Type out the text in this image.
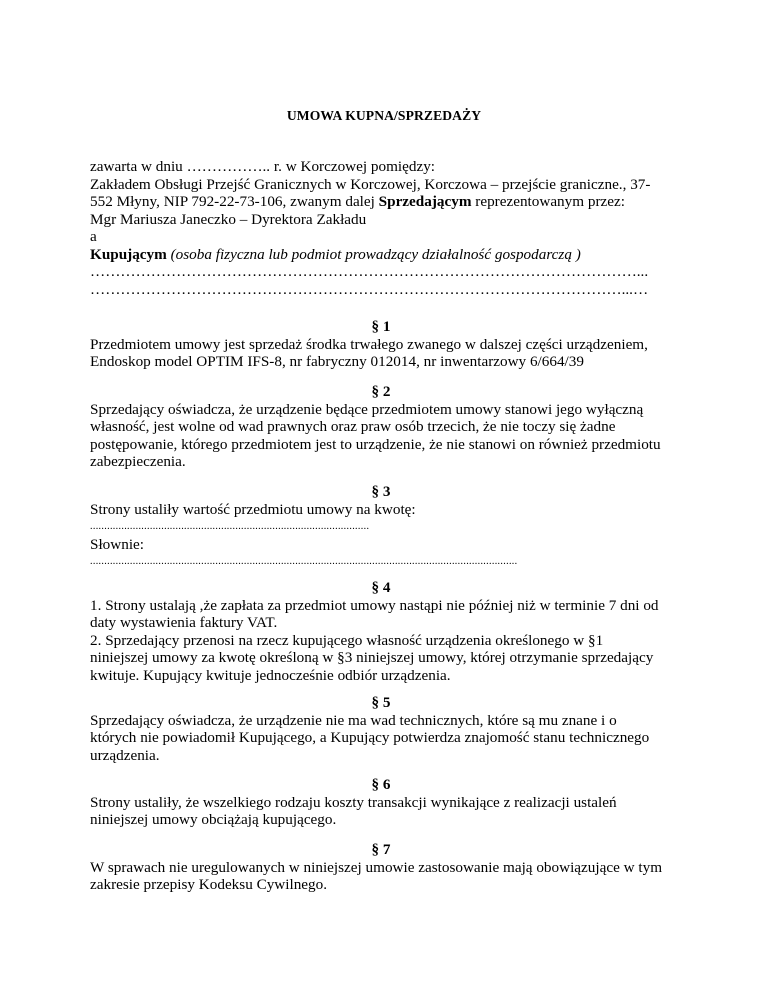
UMOWA KUPNA/SPRZEDAŻY
zawarta w dniu …………….. r. w Korczowej pomiędzy:
Zakładem Obsługi Przejść Granicznych w Korczowej, Korczowa – przejście graniczne., 37-
552 Młyny, NIP 792-22-73-106, zwanym dalej Sprzedającym reprezentowanym przez:
Mgr Mariusza Janeczko – Dyrektora Zakładu
a
Kupującym (osoba fizyczna lub podmiot prowadzący działalność gospodarczą )
………………………………………………………………………………………………...
……………………………………………………………………………………………...…
§ 1
Przedmiotem umowy jest sprzedaż środka trwałego zwanego w dalszej części urządzeniem,
Endoskop model OPTIM IFS-8, nr fabryczny 012014, nr inwentarzowy 6/664/39
§ 2
Sprzedający oświadcza, że urządzenie będące przedmiotem umowy stanowi jego wyłączną
własność, jest wolne od wad prawnych oraz praw osób trzecich, że nie toczy się żadne
postępowanie, którego przedmiotem jest to urządzenie, że nie stanowi on również przedmiotu
zabezpieczenia.
§ 3
Strony ustaliły wartość przedmiotu umowy na kwotę:
..................................................................................................
Słownie:
......................................................................................................................................................
§ 4
1. Strony ustalają ,że zapłata za przedmiot umowy nastąpi nie później niż w terminie 7 dni od
daty wystawienia faktury VAT.
2. Sprzedający przenosi na rzecz kupującego własność urządzenia określonego w §1
niniejszej umowy za kwotę określoną w §3 niniejszej umowy, której otrzymanie sprzedający
kwituje. Kupujący kwituje jednocześnie odbiór urządzenia.
§ 5
Sprzedający oświadcza, że urządzenie nie ma wad technicznych, które są mu znane i o
których nie powiadomił Kupującego, a Kupujący potwierdza znajomość stanu technicznego
urządzenia.
§ 6
Strony ustaliły, że wszelkiego rodzaju koszty transakcji wynikające z realizacji ustaleń
niniejszej umowy obciążają kupującego.
§ 7
W sprawach nie uregulowanych w niniejszej umowie zastosowanie mają obowiązujące w tym
zakresie przepisy Kodeksu Cywilnego.
